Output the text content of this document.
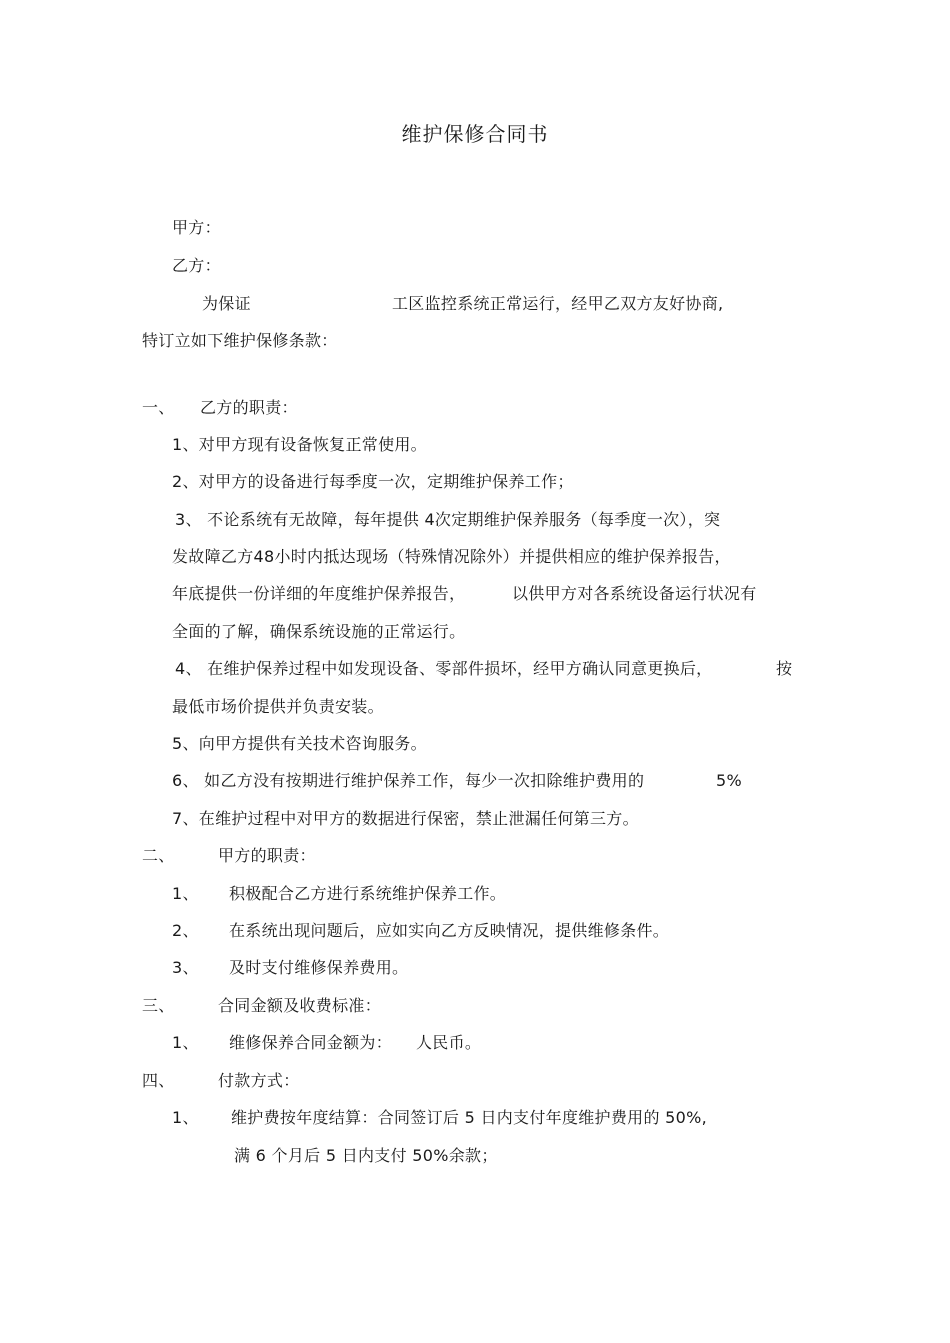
维护保修合同书
甲方：
乙方：
为保证	工区监控系统正常运行，经甲乙双方友好协商,
特订立如下维护保修条款：
一、 乙方的职责：
1、对甲方现有设备恢复正常使用。
2、对甲方的设备进行每季度一次，定期维护保养工作；
3、 不论系统有无故障，每年提供 4次定期维护保养服务（每季度一次），突
发故障乙方48小时内抵达现场（特殊情况除外）并提供相应的维护保养报告，
年底提供一份详细的年度维护保养报告，	以供甲方对各系统设备运行状况有
全面的了解，确保系统设施的正常运行。
4、 在维护保养过程中如发现设备、零部件损坏，经甲方确认同意更换后，	按
最低市场价提供并负责安装。
5、向甲方提供有关技术咨询服务。
6、 如乙方没有按期进行维护保养工作，每少一次扣除维护费用的	5%
7、在维护过程中对甲方的数据进行保密，禁止泄漏任何第三方。
二、	甲方的职责：
1、 积极配合乙方进行系统维护保养工作。
2、 在系统出现问题后，应如实向乙方反映情况，提供维修条件。
3、 及时支付维修保养费用。
三、	合同金额及收费标准：
1、 维修保养合同金额为： 人民币。
四、	付款方式：
1、 维护费按年度结算：合同签订后 5 日内支付年度维护费用的 50%,
满 6 个月后 5 日内支付 50%余款；
